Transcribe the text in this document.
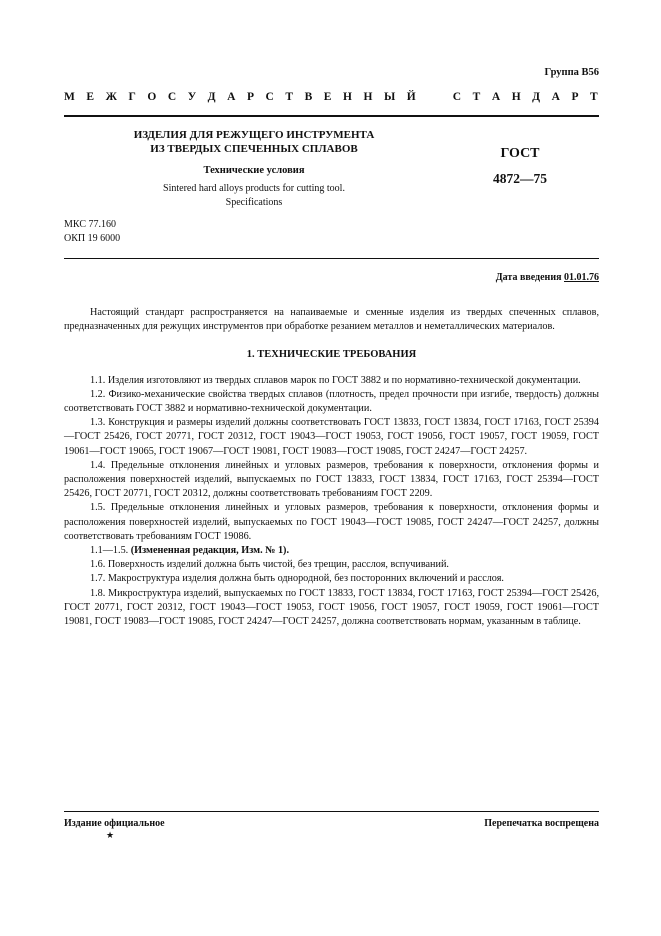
Группа В56
М Е Ж Г О С У Д А Р С Т В Е Н Н Ы Й	С Т А Н Д А Р Т
ИЗДЕЛИЯ ДЛЯ РЕЖУЩЕГО ИНСТРУМЕНТА
ИЗ ТВЕРДЫХ СПЕЧЕННЫХ СПЛАВОВ
Технические условия
Sintered hard alloys products for cutting tool.
Specifications
ГОСТ
4872—75
МКС 77.160
ОКП 19 6000
Дата введения 01.01.76

Настоящий стандарт распространяется на напаиваемые и сменные изделия из твердых спеченных сплавов, предназначенных для режущих инструментов при обработке резанием металлов и неметаллических материалов.

1. ТЕХНИЧЕСКИЕ ТРЕБОВАНИЯ

1.1. Изделия изготовляют из твердых сплавов марок по ГОСТ 3882 и по нормативно-технической документации.

1.2. Физико-механические свойства твердых сплавов (плотность, предел прочности при изгибе, твердость) должны соответствовать ГОСТ 3882 и нормативно-технической документации.

1.3. Конструкция и размеры изделий должны соответствовать ГОСТ 13833, ГОСТ 13834, ГОСТ 17163, ГОСТ 25394—ГОСТ 25426, ГОСТ 20771, ГОСТ 20312, ГОСТ 19043—ГОСТ 19053, ГОСТ 19056, ГОСТ 19057, ГОСТ 19059, ГОСТ 19061—ГОСТ 19065, ГОСТ 19067—ГОСТ 19081, ГОСТ 19083—ГОСТ 19085, ГОСТ 24247—ГОСТ 24257.

1.4. Предельные отклонения линейных и угловых размеров, требования к поверхности, отклонения формы и расположения поверхностей изделий, выпускаемых по ГОСТ 13833, ГОСТ 13834, ГОСТ 17163, ГОСТ 25394—ГОСТ 25426, ГОСТ 20771, ГОСТ 20312, должны соответствовать требованиям ГОСТ 2209.

1.5. Предельные отклонения линейных и угловых размеров, требования к поверхности, отклонения формы и расположения поверхностей изделий, выпускаемых по ГОСТ 19043—ГОСТ 19085, ГОСТ 24247—ГОСТ 24257, должны соответствовать требованиям ГОСТ 19086.

1.1—1.5. (Измененная редакция, Изм. № 1).

1.6. Поверхность изделий должна быть чистой, без трещин, расслоя, вспучиваний.

1.7. Макроструктура изделия должна быть однородной, без посторонних включений и расслоя.

1.8. Микроструктура изделий, выпускаемых по ГОСТ 13833, ГОСТ 13834, ГОСТ 17163, ГОСТ 25394—ГОСТ 25426, ГОСТ 20771, ГОСТ 20312, ГОСТ 19043—ГОСТ 19053, ГОСТ 19056, ГОСТ 19057, ГОСТ 19059, ГОСТ 19061—ГОСТ 19081, ГОСТ 19083—ГОСТ 19085, ГОСТ 24247—ГОСТ 24257, должна соответствовать нормам, указанным в таблице.

Издание официальное
★
Перепечатка воспрещена
